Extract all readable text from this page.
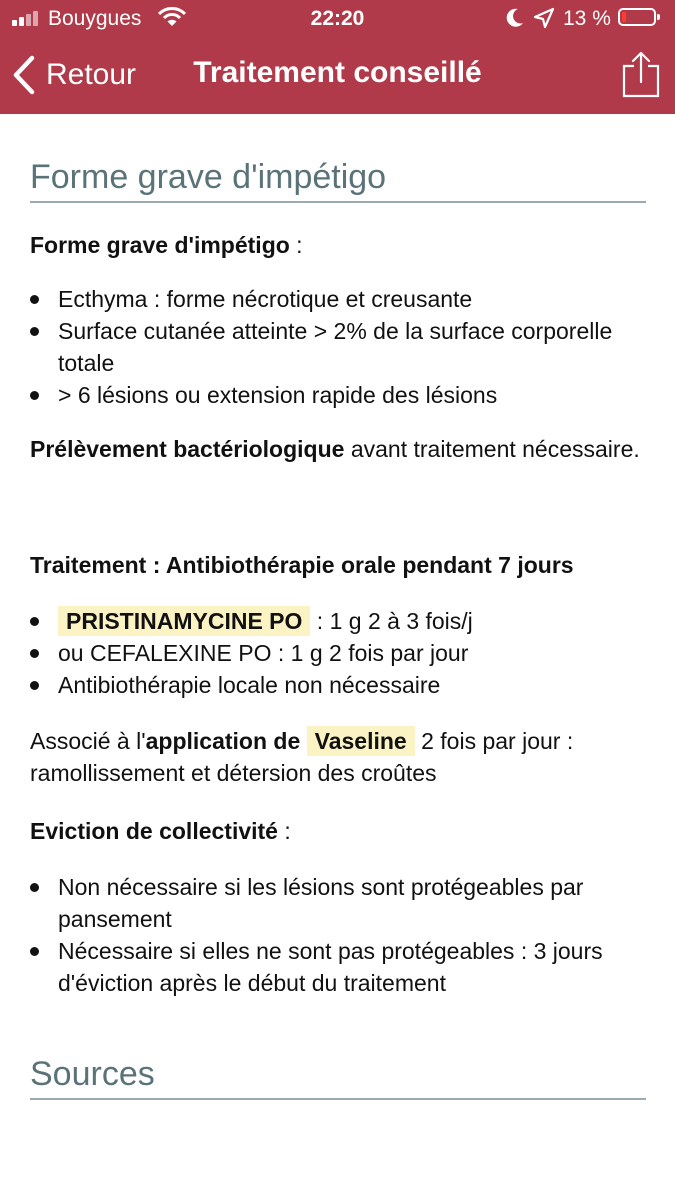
Bouygues	22:20	13 %
Retour	Traitement conseillé
Forme grave d'impétigo

Forme grave d'impétigo :

Ecthyma : forme nécrotique et creusante
Surface cutanée atteinte > 2% de la surface corporelle totale
> 6 lésions ou extension rapide des lésions

Prélèvement bactériologique avant traitement nécessaire.

Traitement : Antibiothérapie orale pendant 7 jours

PRISTINAMYCINE PO : 1 g 2 à 3 fois/j
ou CEFALEXINE PO : 1 g 2 fois par jour
Antibiothérapie locale non nécessaire

Associé à l'application de Vaseline 2 fois par jour : ramollissement et détersion des croûtes

Eviction de collectivité :

Non nécessaire si les lésions sont protégeables par pansement
Nécessaire si elles ne sont pas protégeables : 3 jours d'éviction après le début du traitement
Sources
